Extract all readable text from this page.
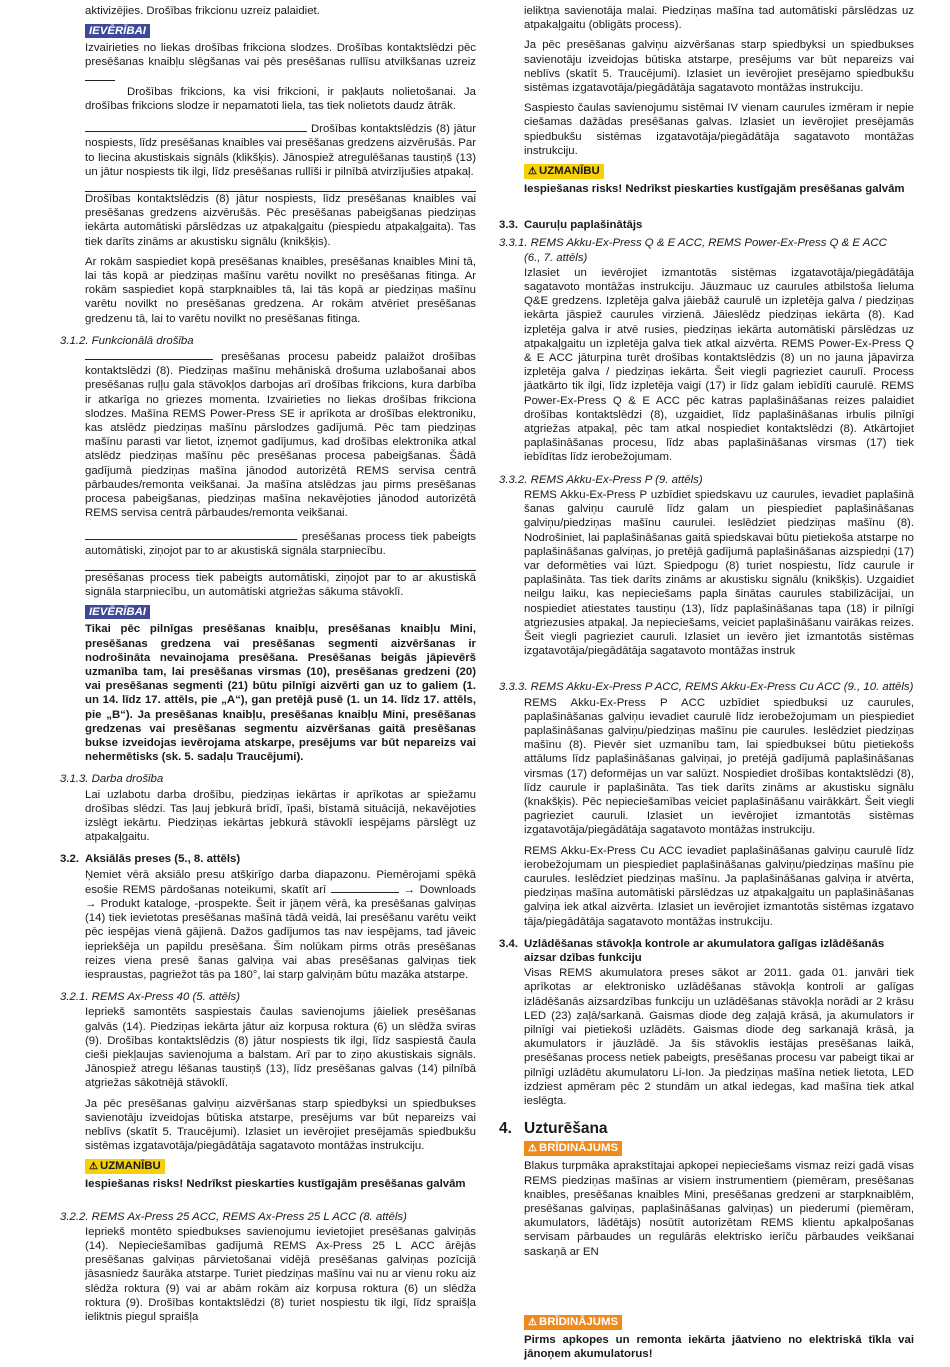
aktivizējies. Drošības frikcionu uzreiz palaidiet.

IEVĒRĪBAI

Izvairieties no liekas drošības frikciona slodzes. Drošības kontaktslēdzi pēc presēšanas knaibļu slēgšanas vai pēs presēšanas rullīsu atvilkšanas uzreiz
Drošības frikcions, ka visi frikcioni, ir pakļauts nolietošanai. Ja drošības frikcions slodze ir nepamatoti liela, tas tiek nolietots daudz ātrāk.

Drošības kontaktslēdzis (8) jātur nospiests, līdz presēšanas knaibles vai presēšanas gredzens aizvērušās. Par to liecina akustiskais signāls (klikšķis). Jānospiež atregulēšanas taustiņš (13) un jātur nospiests tik ilgi, līdz presēšanas rullīši ir pilnībā atvirzījušies atpakaļ.

Drošības kontaktslēdzis (8) jātur nospiests, līdz presēšanas knaibles vai presēšanas gredzens aizvērušās. Pēc presēšanas pabeigšanas piedziņas iekārta automātiski pārslēdzas uz atpakaļgaitu (piespiedu atpakaļgaita). Tas tiek darīts zināms ar akustisku signālu (knikšķis).

Ar rokām saspiediet kopā presēšanas knaibles, presēšanas knaibles Mini tā, lai tās kopā ar piedziņas mašīnu varētu novilkt no presēšanas fitinga. Ar rokām saspiediet kopā starpknaibles tā, lai tās kopā ar piedziņas mašīnu varētu novilkt no presēšanas gredzena. Ar rokām atvēriet presēšanas gredzenu tā, lai to varētu novilkt no presēšanas fitinga.

3.1.2. Funkcionālā drošība

presēšanas procesu pabeidz palaižot drošības kontaktslēdzi (8). Piedziņas mašīnu mehāniskā drošuma uzlabošanai abos presēšanas ruļļu gala stāvokļos darbojas arī drošības frikcions, kura darbība ir atkarīga no griezes momenta. Izvairieties no liekas drošības frikciona slodzes. Mašīna REMS Power-Press SE ir aprīkota ar drošības elektroniku, kas atslēdz piedziņas mašīnu pārslodzes gadījumā. Pēc tam piedziņas mašīnu parasti var lietot, izņemot gadījumus, kad drošības elektronika atkal atslēdz piedziņas mašīnu pēc presēšanas procesa pabeigšanas. Šādā gadījumā piedziņas mašīna jānodod autorizētā REMS servisa centrā pārbaudes/remonta veikšanai. Ja mašīna atslēdzas jau pirms presēšanas procesa pabeigšanas, piedziņas mašīna nekavējoties jānodod autorizētā REMS servisa centrā pārbaudes/remonta veikšanai.

presēšanas process tiek pabeigts automātiski, ziņojot par to ar akustiskā signāla starpniecību.

presēšanas process tiek pabeigts automātiski, ziņojot par to ar akustiskā signāla starpniecību, un automātiski atgriežas sākuma stāvoklī.

IEVĒRĪBAI

Tikai pēc pilnīgas presēšanas knaibļu, presēšanas knaibļu Mini, presēšanas gredzena vai presēšanas segmenti aizvēršanas ir nodrošināta nevainojama presēšana. Presēšanas beigās jāpievērš uzmanība tam, lai presēšanas virsmas (10), presēšanas gredzeni (20) vai presēšanas segmenti (21) būtu pilnīgi aizvērti gan uz to galiem (1. un 14. līdz 17. attēls, pie „A“), gan pretējā pusē (1. un 14. līdz 17. attēls, pie „B“). Ja presēšanas knaibļu, presēšanas knaibļu Mini, presēšanas gredzenas vai presēšanas segmentu aizvēršanas gaitā presēšanas bukse izveidojas ievērojama atskarpe, presējums var būt nepareizs vai nehermētisks (sk. 5. sadaļu Traucējumi).

3.1.3. Darba drošība

Lai uzlabotu darba drošību, piedziņas iekārtas ir aprīkotas ar spiežamu drošības slēdzi. Tas ļauj jebkurā brīdī, īpaši, bīstamā situācijā, nekavējoties izslēgt iekārtu. Piedziņas iekārtas jebkurā stāvoklī iespējams pārslēgt uz atpakaļgaitu.

3.2. Aksiālās preses (5., 8. attēls)

Ņemiet vērā aksiālo presu atšķirīgo darba diapazonu. Piemērojami spēkā esošie REMS pārdošanas noteikumi, skatīt arī	→ Downloads → Produkt kataloge, -prospekte. Šeit ir jāņem vērā, ka presēšanas galviņas (14) tiek ievietotas presēšanas mašīnā tādā veidā, lai presēšanu varētu veikt pēc iespējas vienā gājienā. Dažos gadījumos tas nav iespējams, tad jāveic iepriekšēja un papildu presēšana. Šim nolūkam pirms otrās presēšanas reizes viena presē šanas galviņa vai abas presēšanas galviņas tiek iespraustas, pagriežot tās pa 180°, lai starp galviņām būtu mazāka atstarpe.

3.2.1. REMS Ax-Press 40 (5. attēls)

Iepriekš samontēts saspiestais čaulas savienojums jāieliek presēšanas galvās (14). Piedziņas iekārta jātur aiz korpusa roktura (6) un slēdža sviras (9). Drošības kontaktslēdzis (8) jātur nospiests tik ilgi, līdz saspiestā čaula cieši piekļaujas savienojuma a balstam. Arī par to ziņo akustiskais signāls. Jānospiež atregu lēšanas taustiņš (13), līdz presēšanas galvas (14) pilnībā atgriežas sākotnējā stāvoklī.

Ja pēc presēšanas galviņu aizvēršanas starp spiedbyksi un spiedbukses savienotāju izveidojas būtiska atstarpe, presējums var būt nepareizs vai neblīvs (skatīt 5. Traucējumi). Izlasiet un ievērojiet presējamās spiedbukšu sistēmas izgatavotāja/piegādātāja sagatavoto montāžas instrukciju.

⚠ UZMANĪBU

Iespiešanas risks! Nedrīkst pieskarties kustīgajām presēšanas galvām

3.2.2. REMS Ax-Press 25 ACC, REMS Ax-Press 25 L ACC (8. attēls)

Iepriekš montēto spiedbukses savienojumu ievietojiet presēšanas galviņās (14). Nepieciešamības gadījumā REMS Ax-Press 25 L ACC ārējās presēšanas galviņas pārvietošanai vidējā presēšanas galviņas pozīcijā jāsasniedz šaurāka atstarpe. Turiet piedziņas mašīnu vai nu ar vienu roku aiz slēdža roktura (9) vai ar abām rokām aiz korpusa roktura (6) un slēdža roktura (9). Drošības kontaktslēdzi (8) turiet nospiestu tik ilgi, līdz spraišļa ieliktnis piegul spraišļa

ieliktņa savienotāja malai. Piedziņas mašīna tad automātiski pārslēdzas uz atpakaļgaitu (obligāts process).

Ja pēc presēšanas galviņu aizvēršanas starp spiedbyksi un spiedbukses savienotāju izveidojas būtiska atstarpe, presējums var būt nepareizs vai neblīvs (skatīt 5. Traucējumi). Izlasiet un ievērojiet presējamo spiedbukšu sistēmas izgatavotāja/piegādātāja sagatavoto montāžas instrukciju.

Saspiesto čaulas savienojumu sistēmai IV vienam caurules izmēram ir nepie ciešamas dažādas presēšanas galvas. Izlasiet un ievērojiet presējamās spiedbukšu sistēmas izgatavotāja/piegādātāja sagatavoto montāžas instrukciju.

⚠ UZMANĪBU

Iespiešanas risks! Nedrīkst pieskarties kustīgajām presēšanas galvām

3.3. Cauruļu paplašinātājs
3.3.1. REMS Akku-Ex-Press Q & E ACC, REMS Power-Ex-Press Q & E ACC
(6., 7. attēls)

Izlasiet un ievērojiet izmantotās sistēmas izgatavotāja/piegādātāja sagatavoto montāžas instrukciju. Jāuzmauc uz caurules atbilstoša lieluma Q&E gredzens. Izpletēja galva jāiebāž caurulē un izpletēja galva / piedziņas iekārta jāspiež caurules virzienā. Jāieslēdz piedziņas iekārta (8). Kad izpletēja galva ir atvē rusies, piedziņas iekārta automātiski pārslēdzas uz atpakaļgaitu un izpletēja galva tiek atkal aizvērta. REMS Power-Ex-Press Q & E ACC jāturpina turēt drošības kontaktslēdzis (8) un no jauna jāpavirza izpletēja galva / piedziņas iekārta. Šeit viegli pagrieziet caurulī. Process jāatkārto tik ilgi, līdz izpletēja vaigi (17) ir līdz galam iebīdīti caurulē. REMS Power-Ex-Press Q & E ACC pēc katras paplašināšanas reizes palaidiet drošības kontaktslēdzi (8), uzgaidiet, līdz paplašināšanas irbulis pilnīgi atgriežas atpakaļ, pēc tam atkal nospiediet kontaktslēdzi (8). Atkārtojiet paplašināšanas procesu, līdz abas paplašināšanas virsmas (17) tiek iebīdītas līdz ierobežojumam.

3.3.2. REMS Akku-Ex-Press P (9. attēls)

REMS Akku-Ex-Press P uzbīdiet spiedskavu uz caurules, ievadiet paplašinā šanas galviņu caurulē līdz galam un piespiediet paplašināšanas galviņu/piedziņas mašīnu caurulei. Ieslēdziet piedziņas mašīnu (8). Nodrošiniet, lai paplašināšanas gaitā spiedskavai būtu pietiekoša atstarpe no paplašināšanas galviņas, jo pretējā gadījumā paplašināšanas aizspiedņi (17) var deformēties vai lūzt. Spiedpogu (8) turiet nospiestu, līdz caurule ir paplašināta. Tas tiek darīts zināms ar akustisku signālu (knikšķis). Uzgaidiet neilgu laiku, kas nepieciešams papla šinātas caurules stabilizācijai, un nospiediet atiestates taustiņu (13), līdz paplašināšanas tapa (18) ir pilnīgi atgriezusies atpakaļ. Ja nepieciešams, veiciet paplašināšanu vairākas reizes. Šeit viegli pagrieziet cauruli. Izlasiet un ievēro jiet izmantotās sistēmas izgatavotāja/piegādātāja sagatavoto montāžas instruk

3.3.3. REMS Akku-Ex-Press P ACC, REMS Akku-Ex-Press Cu ACC (9., 10. attēls)

REMS Akku-Ex-Press P ACC uzbīdiet spiedbuksi uz caurules, paplašināšanas galviņu ievadiet caurulē līdz ierobežojumam un piespiediet paplašināšanas galviņu/piedziņas mašīnu pie caurules. Ieslēdziet piedziņas mašīnu (8). Pievēr siet uzmanību tam, lai spiedbuksei būtu pietiekošs attālums līdz paplašināšanas galviņai, jo pretējā gadījumā paplašināšanas virsmas (17) deformējas un var salūzt. Nospiediet drošības kontaktslēdzi (8), līdz caurule ir paplašināta. Tas tiek darīts zināms ar akustisku signālu (knakšķis). Pēc nepieciešamības veiciet paplašināšanu vairākkārt. Šeit viegli pagrieziet cauruli. Izlasiet un ievērojiet izmantotās sistēmas izgatavotāja/piegādātāja sagatavoto montāžas instrukciju.

REMS Akku-Ex-Press Cu ACC ievadiet paplašināšanas galviņu caurulē līdz ierobežojumam un piespiediet paplašināšanas galviņu/piedziņas mašīnu pie caurules. Ieslēdziet piedziņas mašīnu. Ja paplašināšanas galviņa ir atvērta, piedziņas mašīna automātiski pārslēdzas uz atpakaļgaitu un paplašināšanas galviņa iek atkal aizvērta. Izlasiet un ievērojiet izmantotās sistēmas izgatavo tāja/piegādātāja sagatavoto montāžas instrukciju.

3.4. Uzlādēšanas stāvokļa kontrole ar akumulatora galīgas izlādēšanās aizsar dzības funkciju

Visas REMS akumulatora preses sākot ar 2011. gada 01. janvāri tiek aprīkotas ar elektronisko uzlādēšanas stāvokļa kontroli ar galīgas izlādēšanās aizsardzības funkciju un uzlādēšanas stāvokļa norādi ar 2 krāsu LED (23) zaļā/sarkanā. Gaismas diode deg zaļajā krāsā, ja akumulators ir pilnīgi vai pietiekoši uzlādēts. Gaismas diode deg sarkanajā krāsā, ja akumulators ir jāuzlādē. Ja šis stāvoklis iestājas presēšanas laikā, presēšanas process netiek pabeigts, presēšanas procesu var pabeigt tikai ar pilnīgi uzlādētu akumulatoru Li-Ion. Ja piedziņas mašīna netiek lietota, LED izdziest apmēram pēc 2 stundām un atkal iedegas, kad mašīna tiek atkal ieslēgta.

4. Uzturēšana
⚠ BRĪDINĀJUMS

Blakus turpmāka aprakstītajai apkopei nepieciešams vismaz reizi gadā visas REMS piedziņas mašīnas ar visiem instrumentiem (piemēram, presēšanas knaibles, presēšanas knaibles Mini, presēšanas gredzeni ar starpknaiblēm, presēšanas galviņas, paplašināšanas galviņas) un piederumi (piemēram, akumulators, lādētājs) nosūtīt autorizētam REMS klientu apkalpošanas servisam pārbaudes un regulārās elektrisko ierīču pārbaudes veikšanai saskaņā ar EN

⚠ BRĪDINĀJUMS

Pirms apkopes un remonta iekārta jāatvieno no elektriskā tīkla vai jānoņem akumulatorus!
